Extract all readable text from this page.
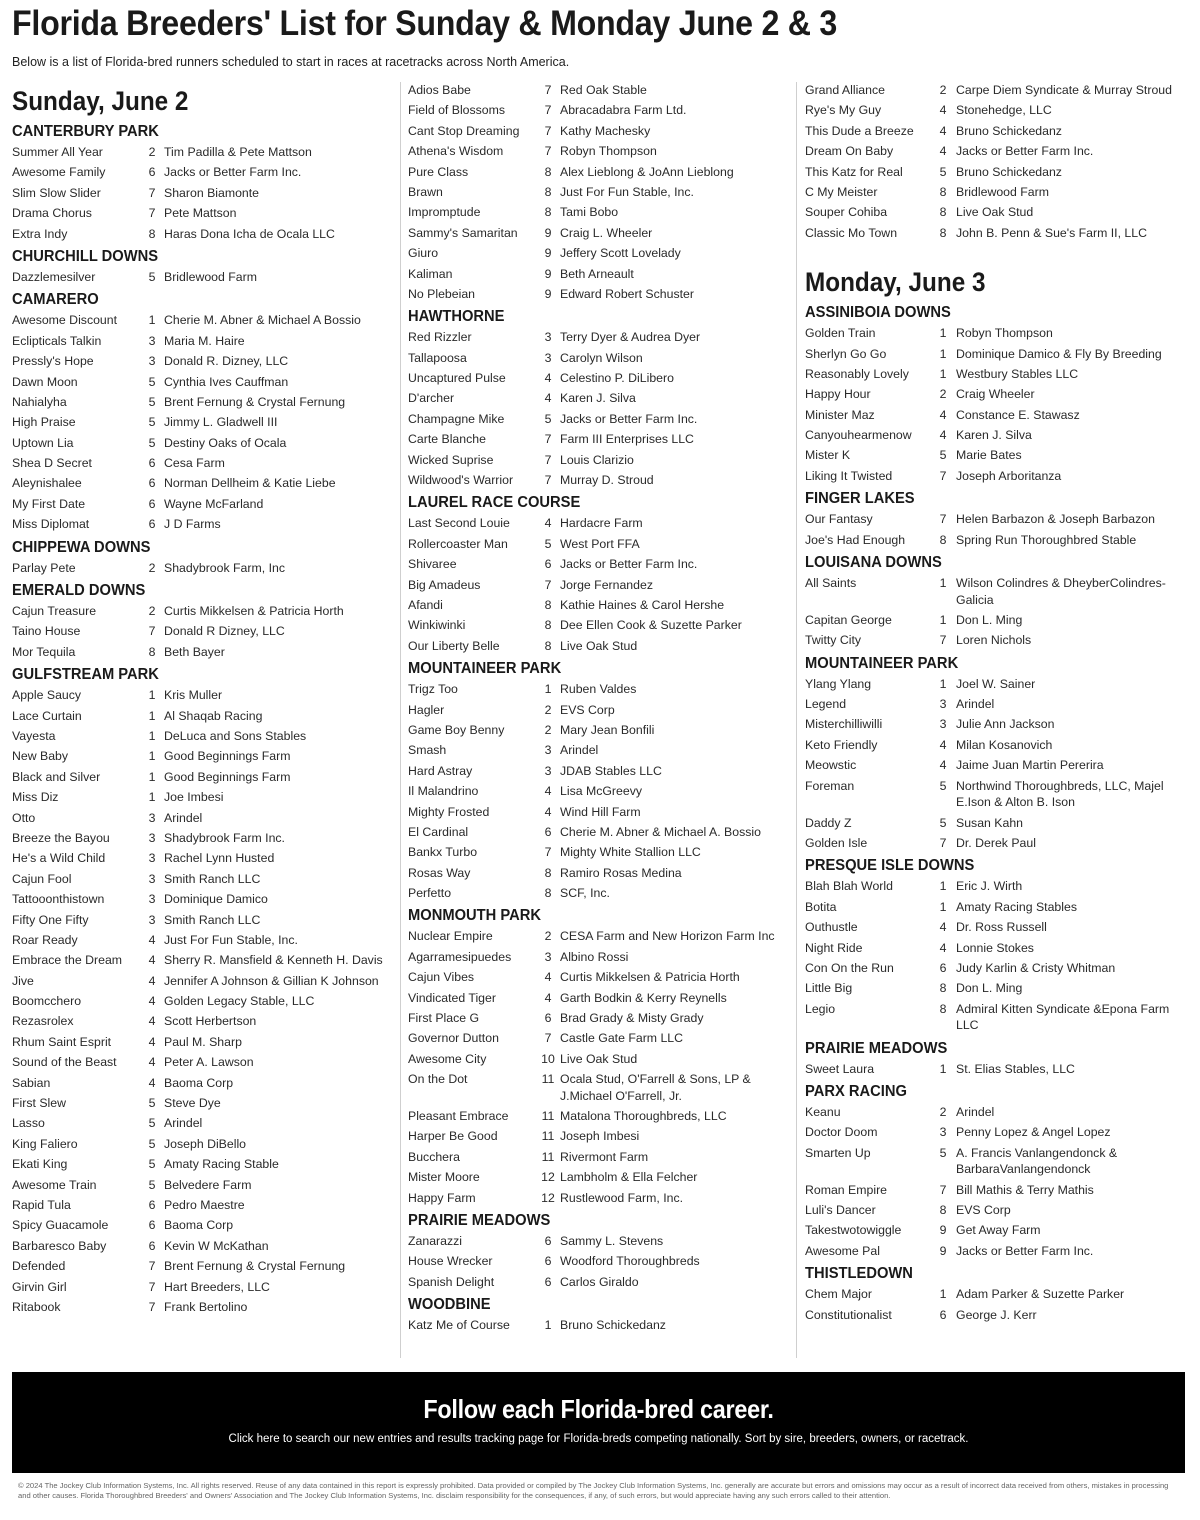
Florida Breeders' List for Sunday & Monday June 2 & 3

Below is a list of Florida-bred runners scheduled to start in races at racetracks across North America.

Sunday, June 2
CANTERBURY PARK
Summer All Year	2 Tim Padilla & Pete Mattson
Awesome Family	6 Jacks or Better Farm Inc.
Slim Slow Slider	7 Sharon Biamonte
Drama Chorus	7 Pete Mattson
Extra Indy	8 Haras Dona Icha de Ocala LLC
CHURCHILL DOWNS
Dazzlemesilver	5 Bridlewood Farm
CAMARERO
Awesome Discount	1 Cherie M. Abner & Michael A Bossio
Eclipticals Talkin	3 Maria M. Haire
Pressly's Hope	3 Donald R. Dizney, LLC
Dawn Moon	5 Cynthia Ives Cauffman
Nahialyha	5 Brent Fernung & Crystal Fernung
High Praise	5 Jimmy L. Gladwell III
Uptown Lia	5 Destiny Oaks of Ocala
Shea D Secret	6 Cesa Farm
Aleynishalee	6 Norman Dellheim & Katie Liebe
My First Date	6 Wayne McFarland
Miss Diplomat	6 J D Farms
CHIPPEWA DOWNS
Parlay Pete	2 Shadybrook Farm, Inc
EMERALD DOWNS
Cajun Treasure	2 Curtis Mikkelsen & Patricia Horth
Taino House	7 Donald R Dizney, LLC
Mor Tequila	8 Beth Bayer
GULFSTREAM PARK
Apple Saucy	1 Kris Muller
Lace Curtain	1 Al Shaqab Racing
Vayesta	1 DeLuca and Sons Stables
New Baby	1 Good Beginnings Farm
Black and Silver	1 Good Beginnings Farm
Miss Diz	1 Joe Imbesi
Otto	3 Arindel
Breeze the Bayou	3 Shadybrook Farm Inc.
He's a Wild Child	3 Rachel Lynn Husted
Cajun Fool	3 Smith Ranch LLC
Tattooonthistown	3 Dominique Damico
Fifty One Fifty	3 Smith Ranch LLC
Roar Ready	4 Just For Fun Stable, Inc.
Embrace the Dream	4 Sherry R. Mansfield & Kenneth H. Davis
Jive	4 Jennifer A Johnson & Gillian K Johnson
Boomcchero	4 Golden Legacy Stable, LLC
Rezasrolex	4 Scott Herbertson
Rhum Saint Esprit	4 Paul M. Sharp
Sound of the Beast	4 Peter A. Lawson
Sabian	4 Baoma Corp
First Slew	5 Steve Dye
Lasso	5 Arindel
King Faliero	5 Joseph DiBello
Ekati King	5 Amaty Racing Stable
Awesome Train	5 Belvedere Farm
Rapid Tula	6 Pedro Maestre
Spicy Guacamole	6 Baoma Corp
Barbaresco Baby	6 Kevin W McKathan
Defended	7 Brent Fernung & Crystal Fernung
Girvin Girl	7 Hart Breeders, LLC
Ritabook	7 Frank Bertolino
Adios Babe	7 Red Oak Stable
Field of Blossoms	7 Abracadabra Farm Ltd.
Cant Stop Dreaming	7 Kathy Machesky
Athena's Wisdom	7 Robyn Thompson
Pure Class	8 Alex Lieblong & JoAnn Lieblong
Brawn	8 Just For Fun Stable, Inc.
Impromptude	8 Tami Bobo
Sammy's Samaritan	9 Craig L. Wheeler
Giuro	9 Jeffery Scott Lovelady
Kaliman	9 Beth Arneault
No Plebeian	9 Edward Robert Schuster
HAWTHORNE
Red Rizzler	3 Terry Dyer & Audrea Dyer
Tallapoosa	3 Carolyn Wilson
Uncaptured Pulse	4 Celestino P. DiLibero
D'archer	4 Karen J. Silva
Champagne Mike	5 Jacks or Better Farm Inc.
Carte Blanche	7 Farm III Enterprises LLC
Wicked Suprise	7 Louis Clarizio
Wildwood's Warrior	7 Murray D. Stroud
LAUREL RACE COURSE
Last Second Louie	4 Hardacre Farm
Rollercoaster Man	5 West Port FFA
Shivaree	6 Jacks or Better Farm Inc.
Big Amadeus	7 Jorge Fernandez
Afandi	8 Kathie Haines & Carol Hershe
Winkiwinki	8 Dee Ellen Cook & Suzette Parker
Our Liberty Belle	8 Live Oak Stud
MOUNTAINEER PARK
Trigz Too	1 Ruben Valdes
Hagler	2 EVS Corp
Game Boy Benny	2 Mary Jean Bonfili
Smash	3 Arindel
Hard Astray	3 JDAB Stables LLC
Il Malandrino	4 Lisa McGreevy
Mighty Frosted	4 Wind Hill Farm
El Cardinal	6 Cherie M. Abner & Michael A. Bossio
Bankx Turbo	7 Mighty White Stallion LLC
Rosas Way	8 Ramiro Rosas Medina
Perfetto	8 SCF, Inc.
MONMOUTH PARK
Nuclear Empire	2 CESA Farm and New Horizon Farm Inc
Agarramesipuedes	3 Albino Rossi
Cajun Vibes	4 Curtis Mikkelsen & Patricia Horth
Vindicated Tiger	4 Garth Bodkin & Kerry Reynells
First Place G	6 Brad Grady & Misty Grady
Governor Dutton	7 Castle Gate Farm LLC
Awesome City	10 Live Oak Stud
On the Dot	11 Ocala Stud, O'Farrell & Sons, LP & J.Michael O'Farrell, Jr.
Pleasant Embrace	11 Matalona Thoroughbreds, LLC
Harper Be Good	11 Joseph Imbesi
Bucchera	11 Rivermont Farm
Mister Moore	12 Lambholm & Ella Felcher
Happy Farm	12 Rustlewood Farm, Inc.
PRAIRIE MEADOWS
Zanarazzi	6 Sammy L. Stevens
House Wrecker	6 Woodford Thoroughbreds
Spanish Delight	6 Carlos Giraldo
WOODBINE
Katz Me of Course	1 Bruno Schickedanz
Grand Alliance	2 Carpe Diem Syndicate & Murray Stroud
Rye's My Guy	4 Stonehedge, LLC
This Dude a Breeze	4 Bruno Schickedanz
Dream On Baby	4 Jacks or Better Farm Inc.
This Katz for Real	5 Bruno Schickedanz
C My Meister	8 Bridlewood Farm
Souper Cohiba	8 Live Oak Stud
Classic Mo Town	8 John B. Penn & Sue's Farm II, LLC
Monday, June 3
ASSINIBOIA DOWNS
Golden Train	1 Robyn Thompson
Sherlyn Go Go	1 Dominique Damico & Fly By Breeding
Reasonably Lovely	1 Westbury Stables LLC
Happy Hour	2 Craig Wheeler
Minister Maz	4 Constance E. Stawasz
Canyouhearmenow	4 Karen J. Silva
Mister K	5 Marie Bates
Liking It Twisted	7 Joseph Arboritanza
FINGER LAKES
Our Fantasy	7 Helen Barbazon & Joseph Barbazon
Joe's Had Enough	8 Spring Run Thoroughbred Stable
LOUISANA DOWNS
All Saints	1 Wilson Colindres & DheyberColindres-Galicia
Capitan George	1 Don L. Ming
Twitty City	7 Loren Nichols
MOUNTAINEER PARK
Ylang Ylang	1 Joel W. Sainer
Legend	3 Arindel
Misterchilliwilli	3 Julie Ann Jackson
Keto Friendly	4 Milan Kosanovich
Meowstic	4 Jaime Juan Martin Pererira
Foreman	5 Northwind Thoroughbreds, LLC, Majel E.Ison & Alton B. Ison
Daddy Z	5 Susan Kahn
Golden Isle	7 Dr. Derek Paul
PRESQUE ISLE DOWNS
Blah Blah World	1 Eric J. Wirth
Botita	1 Amaty Racing Stables
Outhustle	4 Dr. Ross Russell
Night Ride	4 Lonnie Stokes
Con On the Run	6 Judy Karlin & Cristy Whitman
Little Big	8 Don L. Ming
Legio	8 Admiral Kitten Syndicate &Epona Farm LLC
PRAIRIE MEADOWS
Sweet Laura	1 St. Elias Stables, LLC
PARX RACING
Keanu	2 Arindel
Doctor Doom	3 Penny Lopez & Angel Lopez
Smarten Up	5 A. Francis Vanlangendonck & BarbaraVanlangendonck
Roman Empire	7 Bill Mathis & Terry Mathis
Luli's Dancer	8 EVS Corp
Takestwotowiggle	9 Get Away Farm
Awesome Pal	9 Jacks or Better Farm Inc.
THISTLEDOWN
Chem Major	1 Adam Parker & Suzette Parker
Constitutionalist	6 George J. Kerr
Follow each Florida-bred career.
Click here to search our new entries and results tracking page for Florida-breds competing nationally. Sort by sire, breeders, owners, or racetrack.
© 2024 The Jockey Club Information Systems, Inc. All rights reserved. Reuse of any data contained in this report is expressly prohibited. Data provided or compiled by The Jockey Club Information Systems, Inc. generally are accurate but errors and omissions may occur as a result of incorrect data received from others, mistakes in processing and other causes. Florida Thoroughbred Breeders' and Owners' Association and The Jockey Club Information Systems, Inc. disclaim responsibility for the consequences, if any, of such errors, but would appreciate having any such errors called to their attention.
